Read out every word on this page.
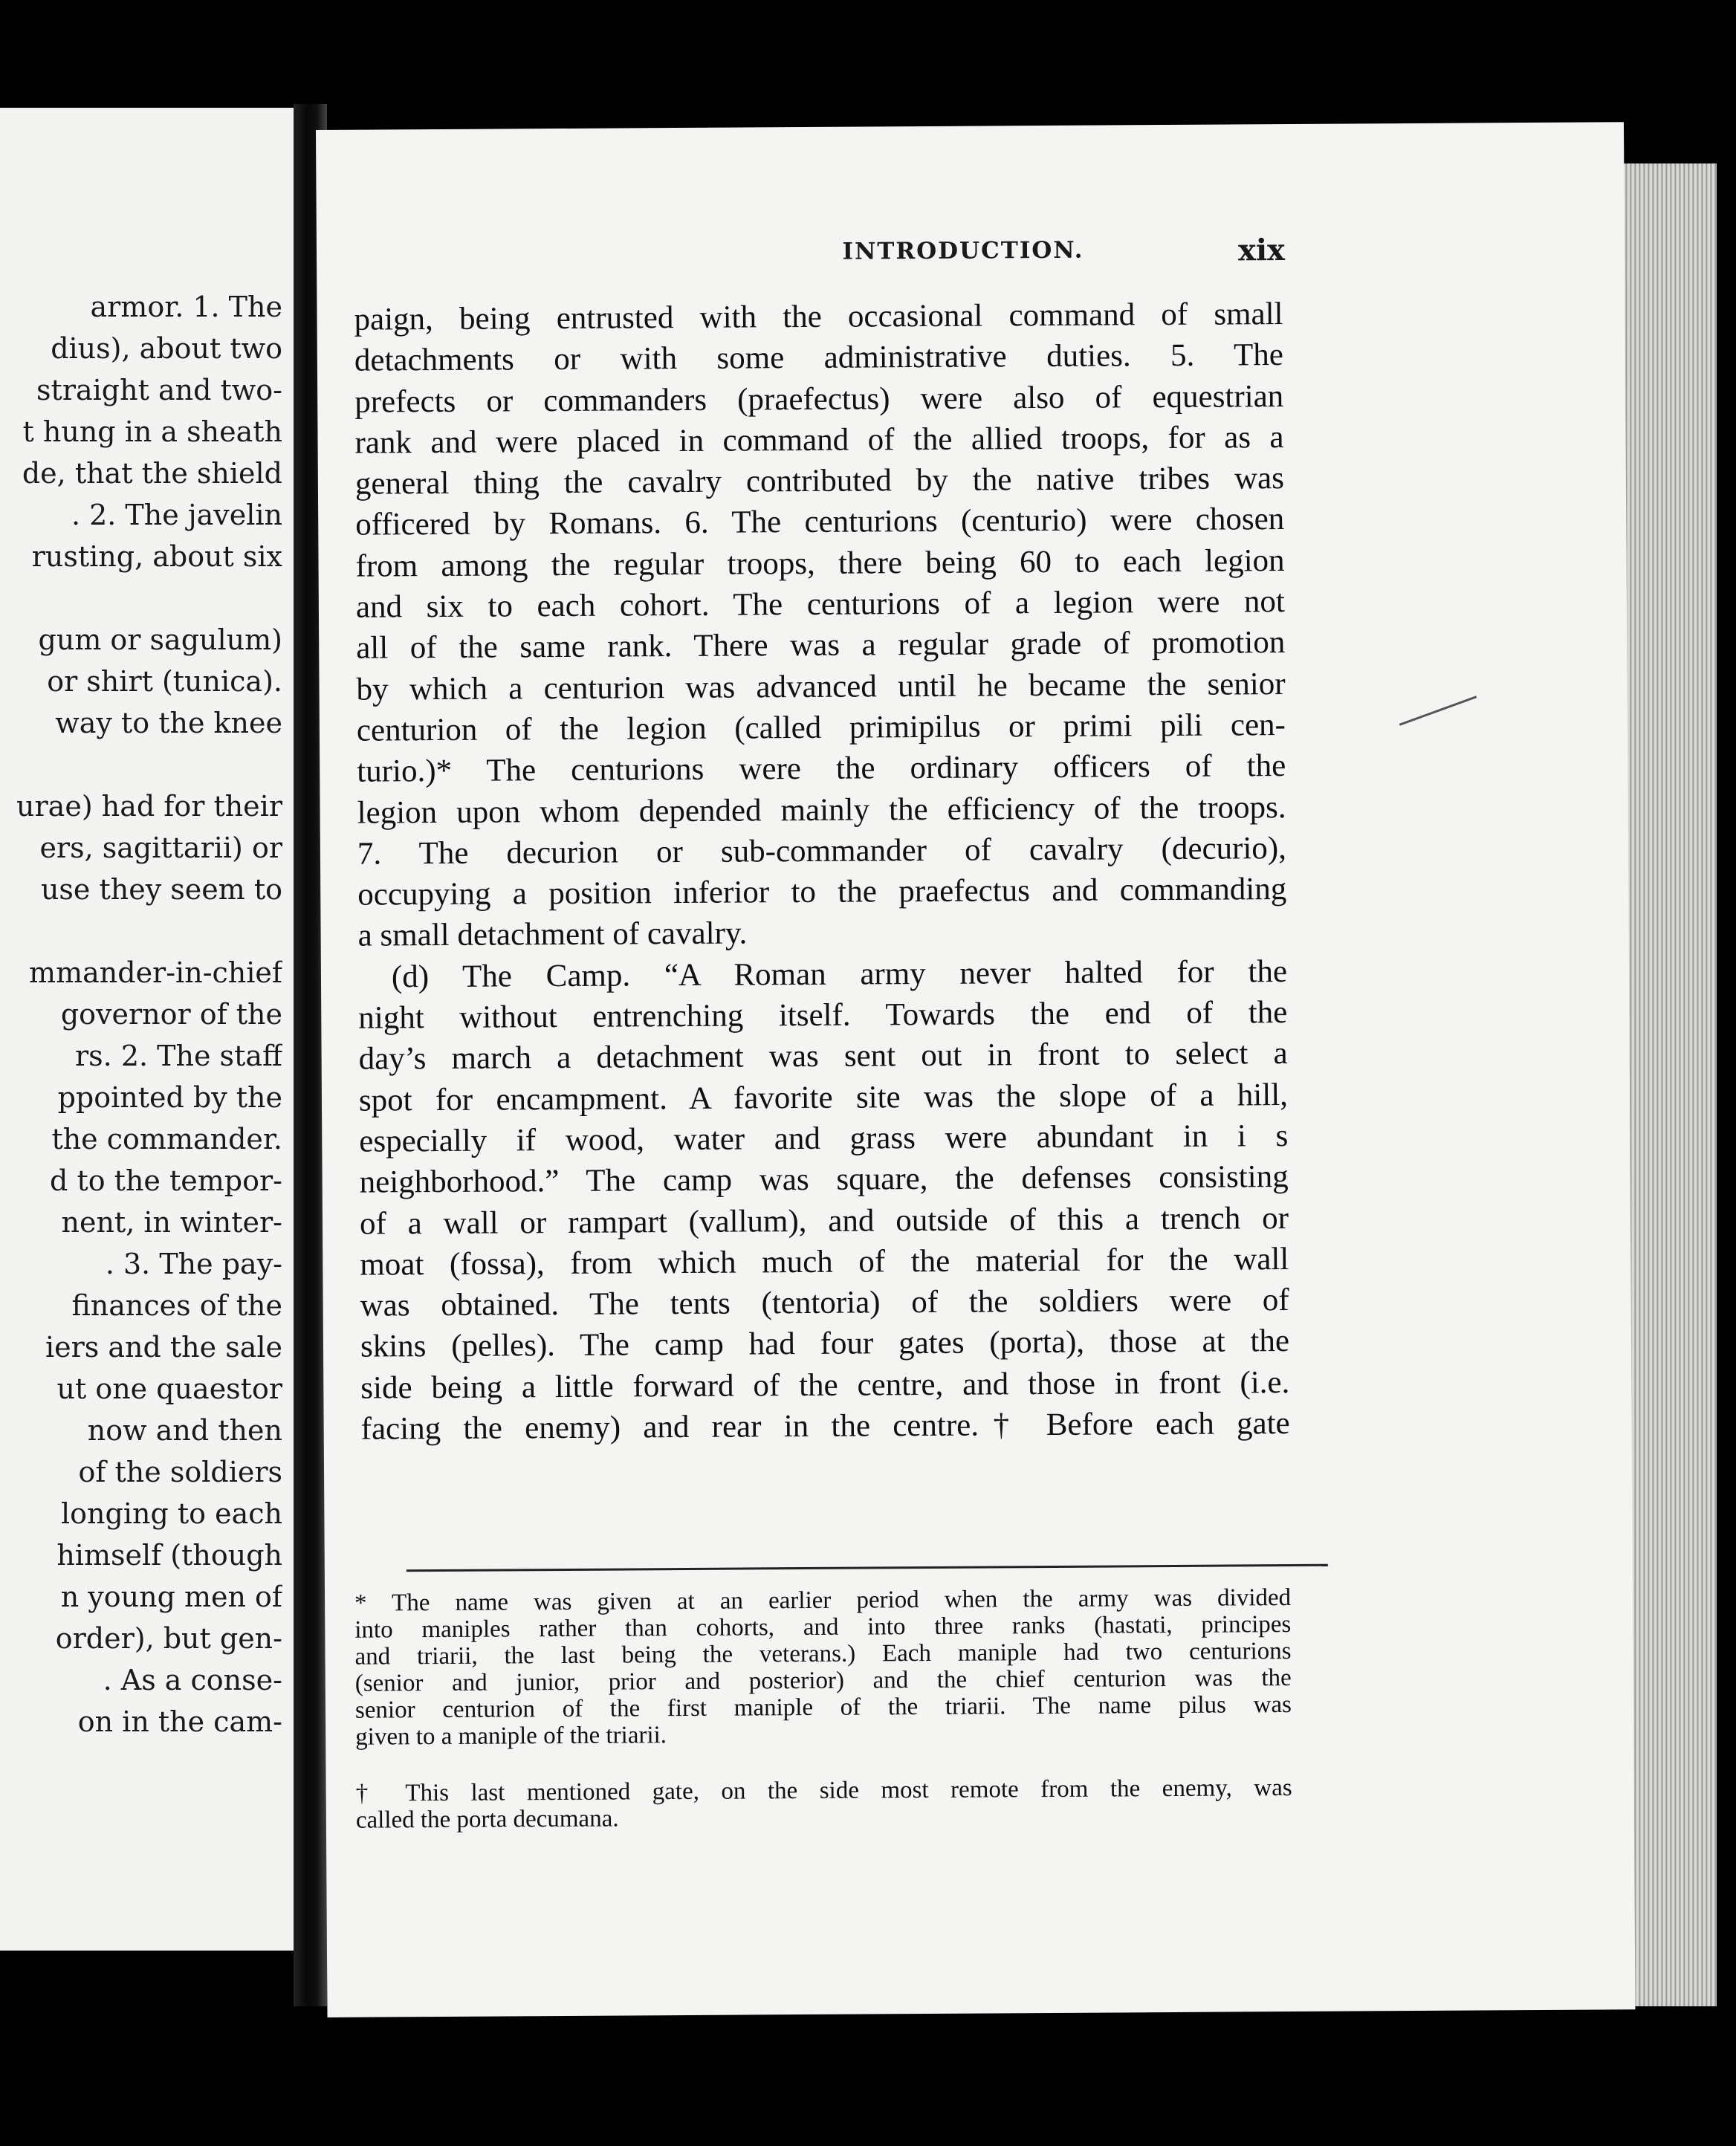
armor. 1. The
dius), about two
straight and two-
t hung in a sheath
de, that the shield
. 2. The javelin
rusting, about six
gum or sagulum)
or shirt (tunica).
way to the knee
urae) had for their
ers, sagittarii) or
use they seem to
mmander-in-chief
governor of the
rs. 2. The staff
ppointed by the
the commander.
d to the tempor-
nent, in winter-
. 3. The pay-
finances of the
iers and the sale
ut one quaestor
now and then
of the soldiers
longing to each
himself (though
n young men of
order), but gen-
. As a conse-
on in the cam-
INTRODUCTION.	xix
paign, being entrusted with the occasional command of small
detachments or with some administrative duties. 5. The
prefects or commanders (praefectus) were also of equestrian
rank and were placed in command of the allied troops, for as a
general thing the cavalry contributed by the native tribes was
officered by Romans. 6. The centurions (centurio) were chosen
from among the regular troops, there being 60 to each legion
and six to each cohort. The centurions of a legion were not
all of the same rank. There was a regular grade of promotion
by which a centurion was advanced until he became the senior
centurion of the legion (called primipilus or primi pili cen-
turio.)* The centurions were the ordinary officers of the
legion upon whom depended mainly the efficiency of the troops.
7. The decurion or sub-commander of cavalry (decurio),
occupying a position inferior to the praefectus and commanding
a small detachment of cavalry.
(d) The Camp. “A Roman army never halted for the
night without entrenching itself. Towards the end of the
day’s march a detachment was sent out in front to select a
spot for encampment. A favorite site was the slope of a hill,
especially if wood, water and grass were abundant in i s
neighborhood.” The camp was square, the defenses consisting
of a wall or rampart (vallum), and outside of this a trench or
moat (fossa), from which much of the material for the wall
was obtained. The tents (tentoria) of the soldiers were of
skins (pelles). The camp had four gates (porta), those at the
side being a little forward of the centre, and those in front (i.e.
facing the enemy) and rear in the centre.† Before each gate
* The name was given at an earlier period when the army was divided
into maniples rather than cohorts, and into three ranks (hastati, principes
and triarii, the last being the veterans.) Each maniple had two centurions
(senior and junior, prior and posterior) and the chief centurion was the
senior centurion of the first maniple of the triarii. The name pilus was
given to a maniple of the triarii.
† This last mentioned gate, on the side most remote from the enemy, was
called the porta decumana.
